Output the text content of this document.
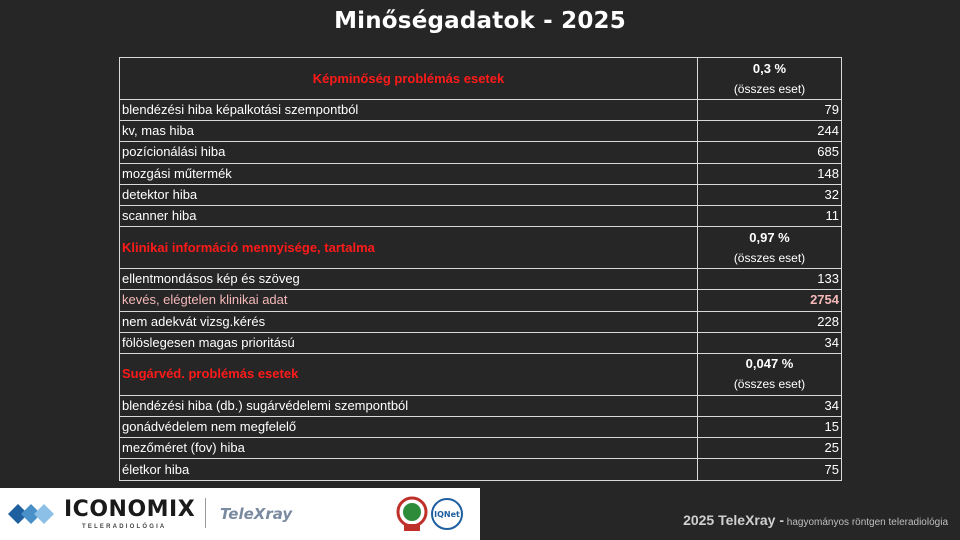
Minőségadatok - 2025
Képminőség problémás esetek	0,3 %
(összes eset)

blendézési hiba képalkotási szempontból	79
kv, mas hiba	244
pozícionálási hiba	685
mozgási műtermék	148
detektor hiba	32
scanner hiba	11
Klinikai információ mennyisége, tartalma	0,97 %
(összes eset)

ellentmondásos kép és szöveg	133
kevés, elégtelen klinikai adat	2754
nem adekvát vizsg.kérés	228
fölöslegesen magas prioritású	34
Sugárvéd. problémás esetek	0,047 %
(összes eset)

blendézési hiba (db.) sugárvédelemi szempontból	34
gonádvédelem nem megfelelő	15
mezőméret (fov) hiba	25
életkor hiba	75
ICONOMIX
TELERADIOLÓGIA
TeleXray	IQNet	2025 TeleXray - hagyományos röntgen teleradiológia
